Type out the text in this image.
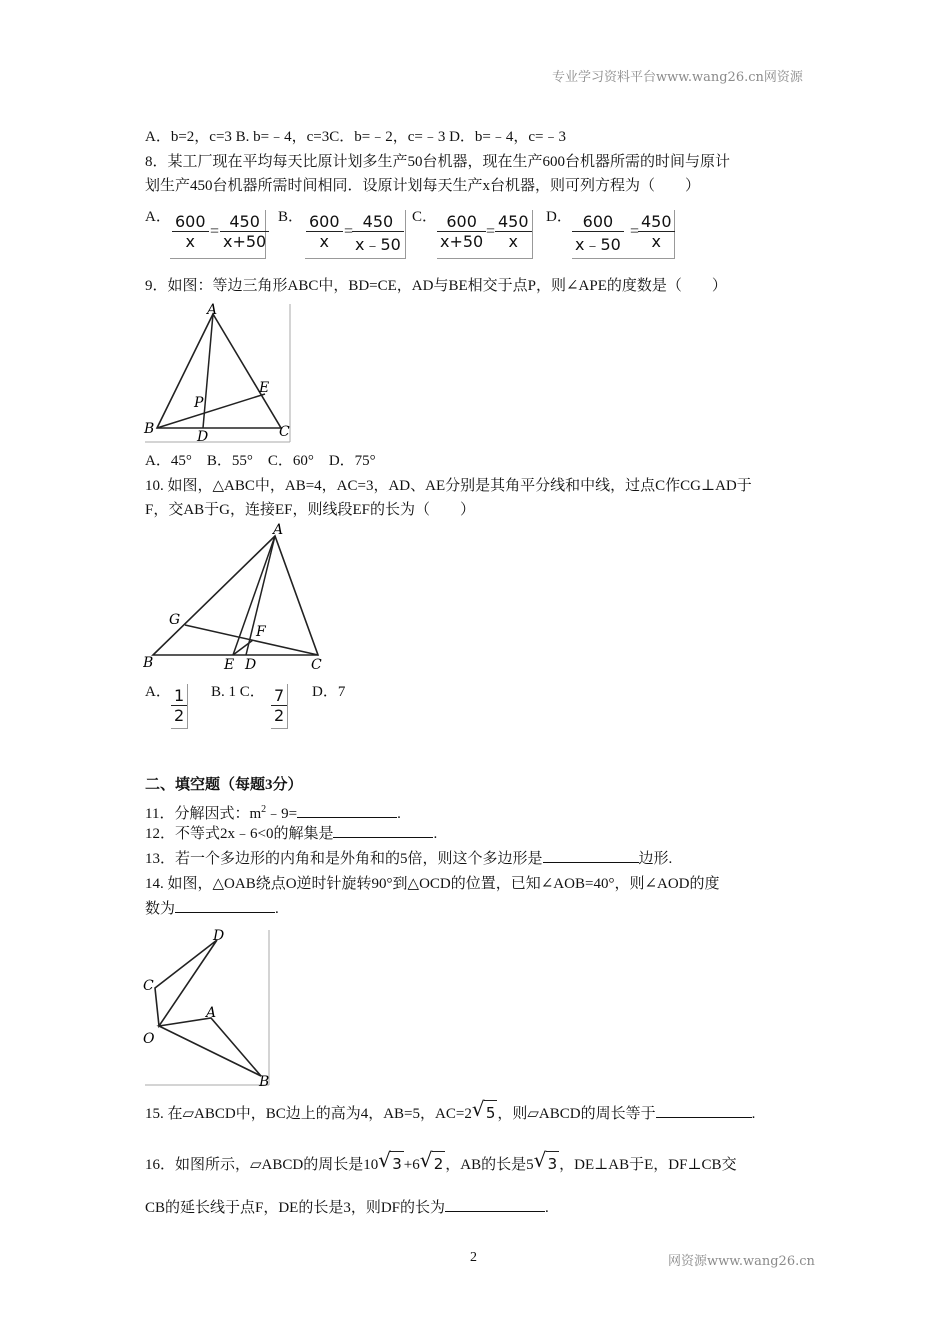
专业学习资料平台www.wang26.cn网资源
A．b=2，c=3 B. b=﹣4，c=3C．b=﹣2，c=﹣3 D．b=﹣4，c=﹣3
8．某工厂现在平均每天比原计划多生产50台机器，现在生产600台机器所需的时间与原计
划生产450台机器所需时间相同．设原计划每天生产x台机器，则可列方程为（　　）
A． $\frac{600}{x} = \frac{450}{x+50}$ B． $\frac{600}{x}$ =
$\frac{450}{x﹣50}$ C． $\frac{600}{x+50} = \frac{450}{x}$ D． $\frac{600}{x﹣50}$ =
$\frac{450}{x}$
9．如图：等边三角形ABC中，BD=CE，AD与BE相交于点P，则∠APE的度数是（　　）
A
B	C
D
E
P
A．45°　B．55°　C．60°　D．75°
10. 如图，△ABC中，AB=4，AC=3，AD、AE分别是其角平分线和中线，过点C作CG⊥AD于
F，交AB于G，连接EF，则线段EF的长为（　　）
A
B	C
D
E
F
G
A． $\frac{1}{2} B$. 1 C． $\frac{7}{2}$ D．7
二、填空题（每题3分）
11．分解因式：$m^2﹣9=$	.
12．不等式2x﹣6<0的解集是	.
13．若一个多边形的内角和是外角和的5倍，则这个多边形是	边形.
14. 如图，△OAB绕点O逆时针旋转90°到△OCD的位置，已知∠AOB=40°，则∠AOD的度
数为	.
D
C
O
A
B
15. 在▱ABCD中，BC边上的高为4，AB=5，AC=2 √ 5 ，则▱ABCD的周长等于	.
16．如图所示，▱ABCD的周长是10 √ 3 +6 √ 2 ，AB的长是5 √ 3 ，DE⊥AB于E，DF⊥CB交
CB的延长线于点F，DE的长是3，则DF的长为	.
2	网资源www.wang26.cn
